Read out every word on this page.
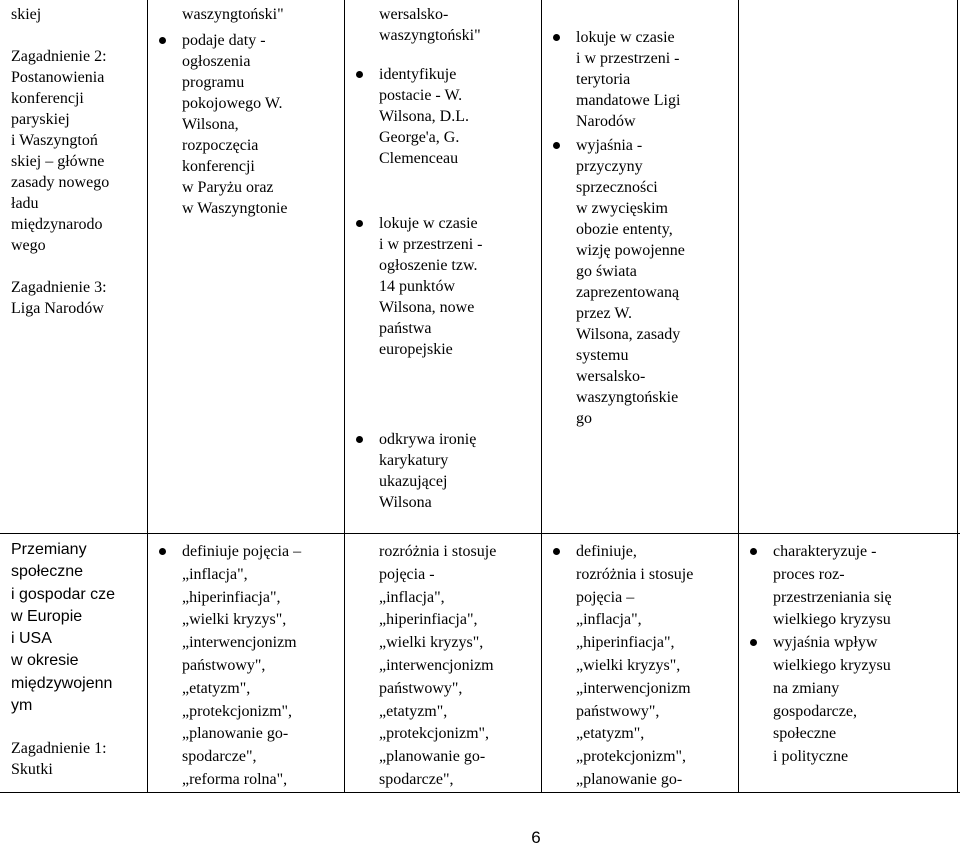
skiej
Zagadnienie 2:
Postanowienia
konferencji
paryskiej
i Waszyngtoń
skiej – główne
zasady nowego
ładu
międzynarodo
wego
Zagadnienie 3:
Liga Narodów
waszyngtoński"
podaje daty -
ogłoszenia
programu
pokojowego W.
Wilsona,
rozpoczęcia
konferencji
w Paryżu oraz
w Waszyngtonie
wersalsko-
waszyngtoński"
identyfikuje
postacie - W.
Wilsona, D.L.
George'a, G.
Clemenceau
lokuje w czasie
i w przestrzeni -
ogłoszenie tzw.
14 punktów
Wilsona, nowe
państwa
europejskie
odkrywa ironię
karykatury
ukazującej
Wilsona
lokuje w czasie
i w przestrzeni -
terytoria
mandatowe Ligi
Narodów
wyjaśnia -
przyczyny
sprzeczności
w zwycięskim
obozie ententy,
wizję powojenne
go świata
zaprezentowaną
przez W.
Wilsona, zasady
systemu
wersalsko-
waszyngtońskie
go
Przemiany
społeczne
i gospodar cze
w Europie
i USA
w okresie
międzywojenn
ym
Zagadnienie 1:
Skutki
definiuje pojęcia –
„inflacja",
„hiperinfiacja",
„wielki kryzys",
„interwencjonizm
państwowy",
„etatyzm",
„protekcjonizm",
„planowanie go-
spodarcze",
„reforma rolna",
rozróżnia i stosuje
pojęcia -
„inflacja",
„hiperinfiacja",
„wielki kryzys",
„interwencjonizm
państwowy",
„etatyzm",
„protekcjonizm",
„planowanie go-
spodarcze",
definiuje,
rozróżnia i stosuje
pojęcia –
„inflacja",
„hiperinfiacja",
„wielki kryzys",
„interwencjonizm
państwowy",
„etatyzm",
„protekcjonizm",
„planowanie go-
charakteryzuje -
proces roz-
przestrzeniania się
wielkiego kryzysu
wyjaśnia wpływ
wielkiego kryzysu
na zmiany
gospodarcze,
społeczne
i polityczne
6
